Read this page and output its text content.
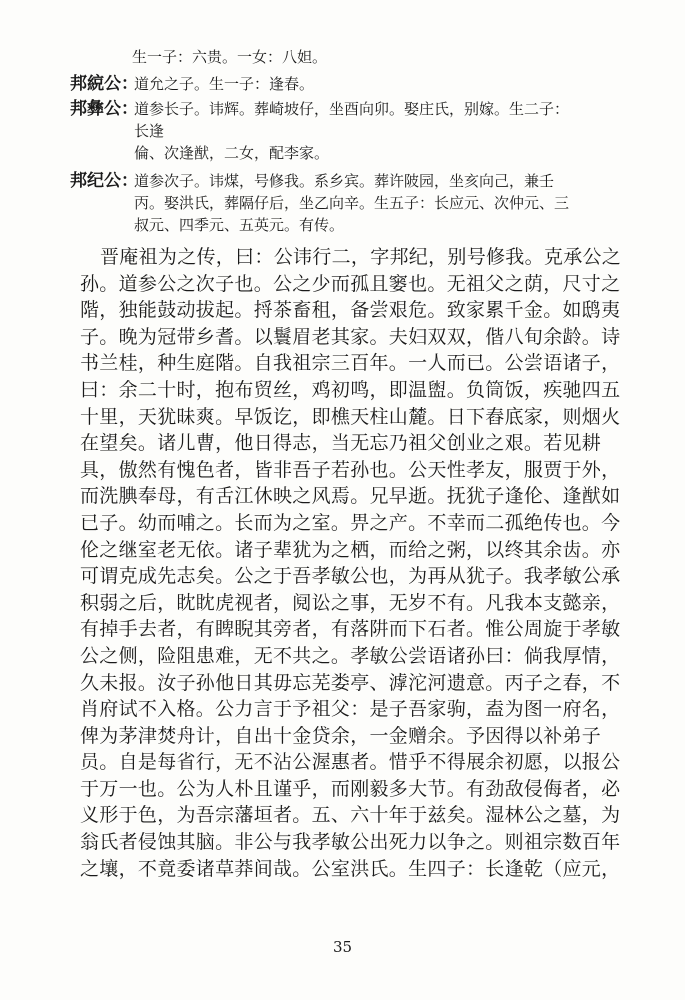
生一子：六贵。一女：八妲。
邦綂公：
道允之子。生一子：逢春。
邦彝公：
道参长子。讳辉。葬崎坡仔，坐酉向卯。娶庄氏，别嫁。生二子：
长逢
倫、次逢猷，二女，配李家。
邦纪公：
道参次子。讳煤，号修我。系乡宾。葬许陂园，坐亥向己，兼壬
丙。娶洪氏，葬隔仔后，坐乙向辛。生五子：长应元、次仲元、三
叔元、四季元、五英元。有传。
晋庵祖为之传，曰：公讳行二，字邦纪，别号修我。克承公之
孙。道参公之次子也。公之少而孤且窭也。无祖父之荫，尺寸之
階，独能鼓动拔起。捋茶畜租，备尝艰危。致家累千金。如鸱夷
子。晚为冠带乡耆。以鬟眉老其家。夫妇双双，偕八旬余龄。诗
书兰桂，种生庭階。自我祖宗三百年。一人而已。公尝语诸子，
曰：余二十时，抱布贸丝，鸡初鸣，即温盥。负筒饭，疾驰四五
十里，天犹昧爽。早饭讫，即樵天柱山麓。日下舂底家，则烟火
在望矣。诸儿曹，他日得志，当无忘乃祖父创业之艰。若见耕
具，傲然有愧色者，皆非吾子若孙也。公天性孝友，服贾于外，
而洗腆奉母，有舌江休映之风焉。兄早逝。抚犹子逢伦、逢猷如
已子。幼而哺之。长而为之室。畀之产。不幸而二孤绝传也。今
伦之继室老无依。诸子辈犹为之栖，而给之粥，以终其余齿。亦
可谓克成先志矣。公之于吾孝敏公也，为再从犹子。我孝敏公承
积弱之后，眈眈虎视者，阋讼之事，无岁不有。凡我本支懿亲，
有掉手去者，有睥睨其旁者，有落阱而下石者。惟公周旋于孝敏
公之侧，险阻患难，无不共之。孝敏公尝语诸孙曰：倘我厚情，
久未报。汝子孙他日其毋忘芜娄亭、滹沱河遗意。丙子之春，不
肖府试不入格。公力言于予祖父：是子吾家驹，盍为图一府名，
俾为茅津焚舟计，自出十金贷余，一金赠余。予因得以补弟子
员。自是每省行，无不沾公渥惠者。惜乎不得展余初愿，以报公
于万一也。公为人朴且谨乎，而刚毅多大节。有劲敌侵侮者，必
义形于色，为吾宗藩垣者。五、六十年于兹矣。湿林公之墓，为
翁氏者侵蚀其脑。非公与我孝敏公出死力以争之。则祖宗数百年
之壤，不竟委诸草莽间哉。公室洪氏。生四子：长逢乾（应元，
35
